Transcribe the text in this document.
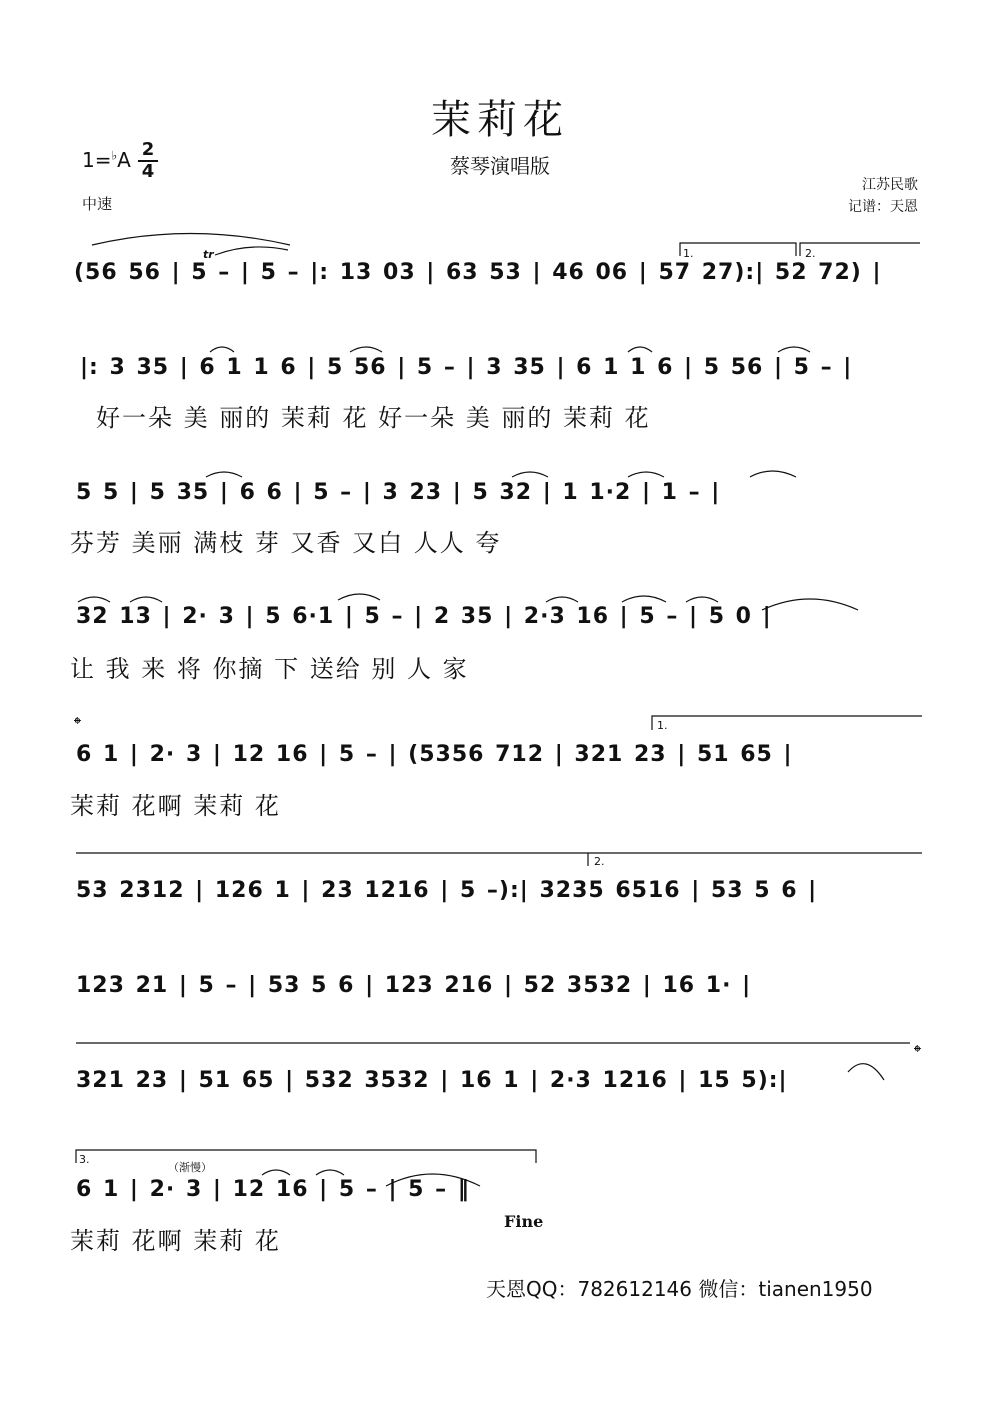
茉莉花
蔡琴演唱版
1=♭A 2
4
中速
江苏民歌
记谱：天恩
(56 56 | 5 – | 5 – |: 13 03 | 63 53 | 46 06 | 57 27):| 52 72) |
|: 3 35 | 6 1 1 6 | 5 56 | 5 – | 3 35 | 6 1 1 6 | 5 56 | 5 – |
好一朵 美 丽的 茉莉 花 好一朵 美 丽的 茉莉 花
5 5 | 5 35 | 6 6 | 5 – | 3 23 | 5 32 | 1 1·2 | 1 – |
芬芳 美丽 满枝 芽 又香 又白 人人 夸
32 13 | 2· 3 | 5 6·1 | 5 – | 2 35 | 2·3 16 | 5 – | 5 0 |
让 我 来 将 你摘 下 送给 别 人 家
6 1 | 2· 3 | 12 16 | 5 – | (5356 712 | 321 23 | 51 65 |
茉莉 花啊 茉莉 花
53 2312 | 126 1 | 23 1216 | 5 –):| 3235 6516 | 53 5 6 |
123 21 | 5 – | 53 5 6 | 123 216 | 52 3532 | 16 1· |
321 23 | 51 65 | 532 3532 | 16 1 | 2·3 1216 | 15 5):|
6 1 | 2· 3 | 12 16 | 5 – | 5 – ‖
茉莉 花啊 茉莉 花
1.	2.
1.
2.
3.
tr
（渐慢）
𝄌
𝄌
Fine
天恩QQ：782612146 微信：tianen1950
